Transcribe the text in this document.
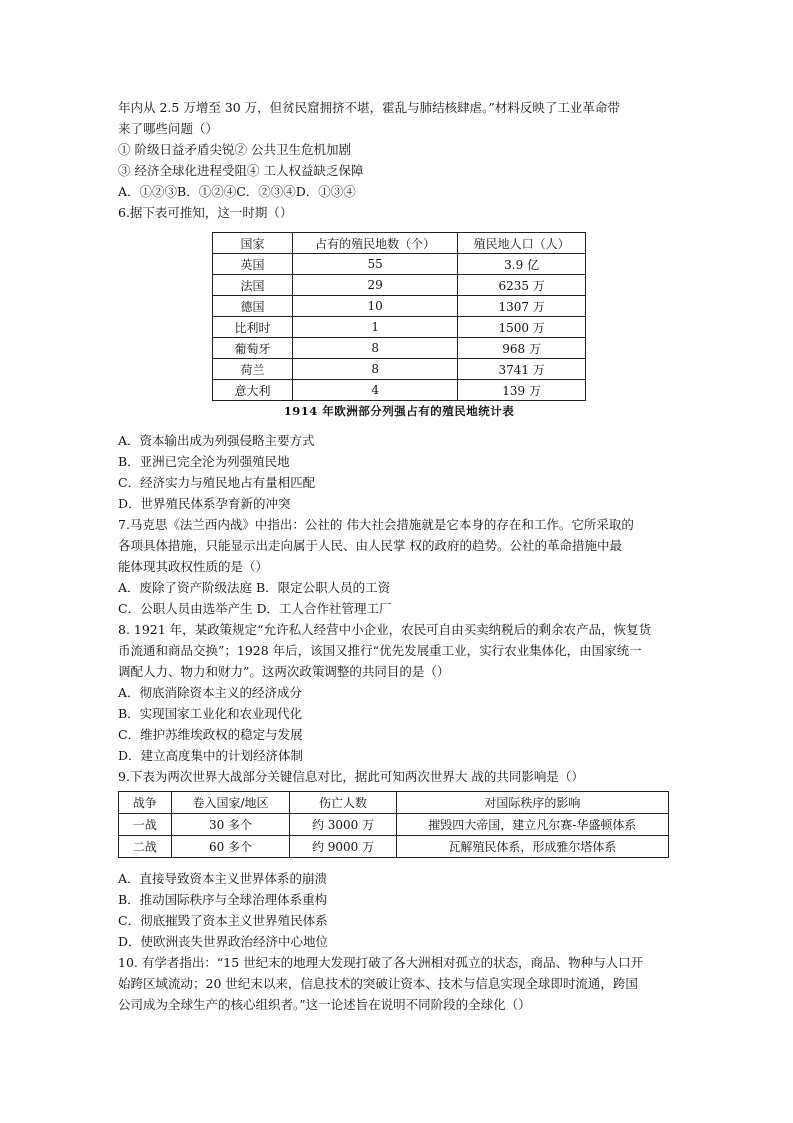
年内从 2.5 万增至 30 万，但贫民窟拥挤不堪，霍乱与肺结核肆虐。”材料反映了工业革命带
来了哪些问题（）
① 阶级日益矛盾尖锐② 公共卫生危机加剧
③ 经济全球化进程受阻④ 工人权益缺乏保障
A．①②③B．①②④C．②③④D．①③④
6.据下表可推知，这一时期（）
国家	占有的殖民地数（个）	殖民地人口（人）
英国	55	3.9 亿
法国	29	6235 万
德国	10	1307 万
比利时	1	1500 万
葡萄牙	8	968 万
荷兰	8	3741 万
意大利	4	139 万
1914 年欧洲部分列强占有的殖民地统计表
A．资本输出成为列强侵略主要方式
B．亚洲已完全沦为列强殖民地
C．经济实力与殖民地占有量相匹配
D．世界殖民体系孕育新的冲突
7.马克思《法兰西内战》中指出：公社的 伟大社会措施就是它本身的存在和工作。它所采取的
各项具体措施，只能显示出走向属于人民、由人民掌 权的政府的趋势。公社的革命措施中最
能体现其政权性质的是（）
A．废除了资产阶级法庭 B．限定公职人员的工资
C．公职人员由选举产生 D．工人合作社管理工厂
8. 1921 年，某政策规定“允许私人经营中小企业，农民可自由买卖纳税后的剩余农产品，恢复货
币流通和商品交换”；1928 年后，该国又推行“优先发展重工业，实行农业集体化，由国家统一
调配人力、物力和财力”。这两次政策调整的共同目的是（）
A．彻底消除资本主义的经济成分
B．实现国家工业化和农业现代化
C．维护苏维埃政权的稳定与发展
D．建立高度集中的计划经济体制
9.下表为两次世界大战部分关键信息对比，据此可知两次世界大 战的共同影响是（）
战争	卷入国家/地区	伤亡人数	对国际秩序的影响
一战	30 多个	约 3000 万	摧毁四大帝国，建立凡尔赛-华盛顿体系
二战	60 多个	约 9000 万	瓦解殖民体系，形成雅尔塔体系
A．直接导致资本主义世界体系的崩溃
B．推动国际秩序与全球治理体系重构
C．彻底摧毁了资本主义世界殖民体系
D．使欧洲丧失世界政治经济中心地位
10. 有学者指出：“15 世纪末的地理大发现打破了各大洲相对孤立的状态，商品、物种与人口开
始跨区域流动；20 世纪末以来，信息技术的突破让资本、技术与信息实现全球即时流通，跨国
公司成为全球生产的核心组织者。”这一论述旨在说明不同阶段的全球化（）
